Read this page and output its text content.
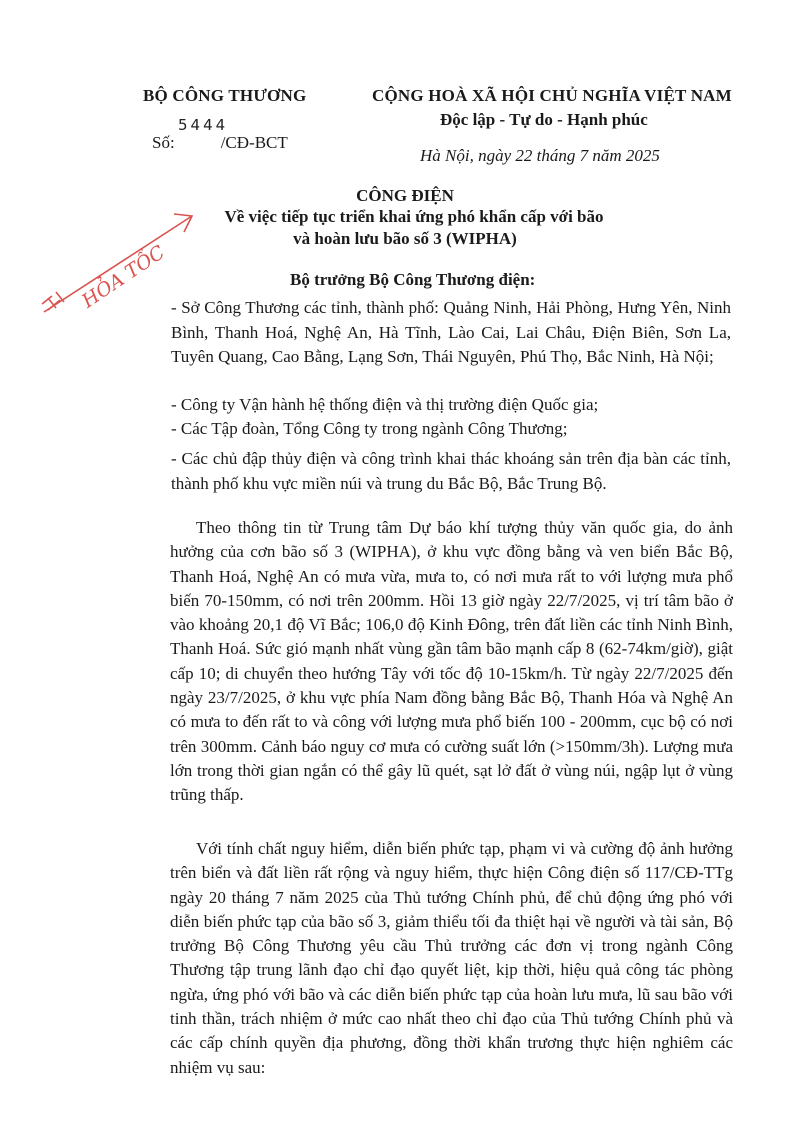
BỘ CÔNG THƯƠNG
5444
Số:	/CĐ-BCT
CỘNG HOÀ XÃ HỘI CHỦ NGHĨA VIỆT NAM
Độc lập - Tự do - Hạnh phúc
Hà Nội, ngày 22 tháng 7 năm 2025
CÔNG ĐIỆN
Về việc tiếp tục triển khai ứng phó khẩn cấp với bão
và hoàn lưu bão số 3 (WIPHA)
HỎA TỐC	Bộ trưởng Bộ Công Thương điện:
- Sở Công Thương các tỉnh, thành phố: Quảng Ninh, Hải Phòng, Hưng Yên, Ninh Bình, Thanh Hoá, Nghệ An, Hà Tĩnh, Lào Cai, Lai Châu, Điện Biên, Sơn La, Tuyên Quang, Cao Bằng, Lạng Sơn, Thái Nguyên, Phú Thọ, Bắc Ninh, Hà Nội;
- Công ty Vận hành hệ thống điện và thị trường điện Quốc gia;
- Các Tập đoàn, Tổng Công ty trong ngành Công Thương;
- Các chủ đập thủy điện và công trình khai thác khoáng sản trên địa bàn các tỉnh, thành phố khu vực miền núi và trung du Bắc Bộ, Bắc Trung Bộ.
Theo thông tin từ Trung tâm Dự báo khí tượng thủy văn quốc gia, do ảnh hưởng của cơn bão số 3 (WIPHA), ở khu vực đồng bằng và ven biển Bắc Bộ, Thanh Hoá, Nghệ An có mưa vừa, mưa to, có nơi mưa rất to với lượng mưa phổ biến 70-150mm, có nơi trên 200mm. Hồi 13 giờ ngày 22/7/2025, vị trí tâm bão ở vào khoảng 20,1 độ Vĩ Bắc; 106,0 độ Kinh Đông, trên đất liền các tỉnh Ninh Bình, Thanh Hoá. Sức gió mạnh nhất vùng gần tâm bão mạnh cấp 8 (62-74km/giờ), giật cấp 10; di chuyển theo hướng Tây với tốc độ 10-15km/h. Từ ngày 22/7/2025 đến ngày 23/7/2025, ở khu vực phía Nam đồng bằng Bắc Bộ, Thanh Hóa và Nghệ An có mưa to đến rất to và công với lượng mưa phổ biến 100 - 200mm, cục bộ có nơi trên 300mm. Cảnh báo nguy cơ mưa có cường suất lớn (>150mm/3h). Lượng mưa lớn trong thời gian ngắn có thể gây lũ quét, sạt lở đất ở vùng núi, ngập lụt ở vùng trũng thấp.
Với tính chất nguy hiểm, diễn biến phức tạp, phạm vi và cường độ ảnh hưởng trên biển và đất liền rất rộng và nguy hiểm, thực hiện Công điện số 117/CĐ-TTg ngày 20 tháng 7 năm 2025 của Thủ tướng Chính phủ, để chủ động ứng phó với diễn biến phức tạp của bão số 3, giảm thiểu tối đa thiệt hại về người và tài sản, Bộ trưởng Bộ Công Thương yêu cầu Thủ trưởng các đơn vị trong ngành Công Thương tập trung lãnh đạo chỉ đạo quyết liệt, kịp thời, hiệu quả công tác phòng ngừa, ứng phó với bão và các diễn biến phức tạp của hoàn lưu mưa, lũ sau bão với tinh thần, trách nhiệm ở mức cao nhất theo chỉ đạo của Thủ tướng Chính phủ và các cấp chính quyền địa phương, đồng thời khẩn trương thực hiện nghiêm các nhiệm vụ sau:
